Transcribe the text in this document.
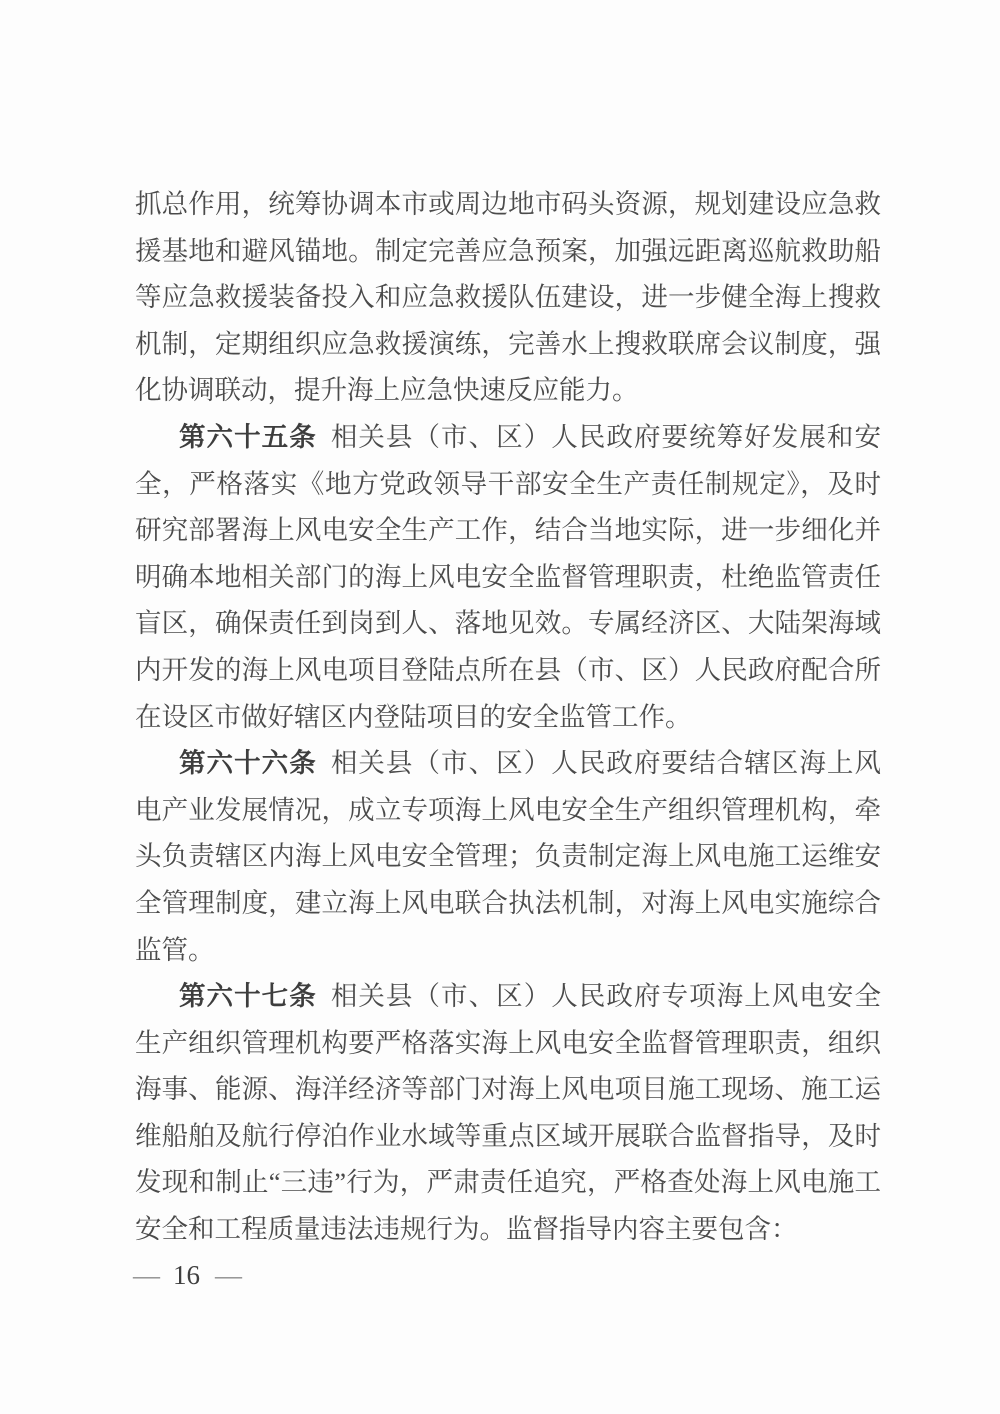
抓总作用，统筹协调本市或周边地市码头资源，规划建设应急救
援基地和避风锚地。制定完善应急预案，加强远距离巡航救助船
等应急救援装备投入和应急救援队伍建设，进一步健全海上搜救
机制，定期组织应急救援演练，完善水上搜救联席会议制度，强
化协调联动，提升海上应急快速反应能力。
第六十五条 相关县（市、区）人民政府要统筹好发展和安
全，严格落实《地方党政领导干部安全生产责任制规定》，及时
研究部署海上风电安全生产工作，结合当地实际，进一步细化并
明确本地相关部门的海上风电安全监督管理职责，杜绝监管责任
盲区，确保责任到岗到人、落地见效。专属经济区、大陆架海域
内开发的海上风电项目登陆点所在县（市、区）人民政府配合所
在设区市做好辖区内登陆项目的安全监管工作。
第六十六条 相关县（市、区）人民政府要结合辖区海上风
电产业发展情况，成立专项海上风电安全生产组织管理机构，牵
头负责辖区内海上风电安全管理；负责制定海上风电施工运维安
全管理制度，建立海上风电联合执法机制，对海上风电实施综合
监管。
第六十七条 相关县（市、区）人民政府专项海上风电安全
生产组织管理机构要严格落实海上风电安全监督管理职责，组织
海事、能源、海洋经济等部门对海上风电项目施工现场、施工运
维船舶及航行停泊作业水域等重点区域开展联合监督指导，及时
发现和制止“三违”行为，严肃责任追究，严格查处海上风电施工
安全和工程质量违法违规行为。监督指导内容主要包含：
— 16 —
